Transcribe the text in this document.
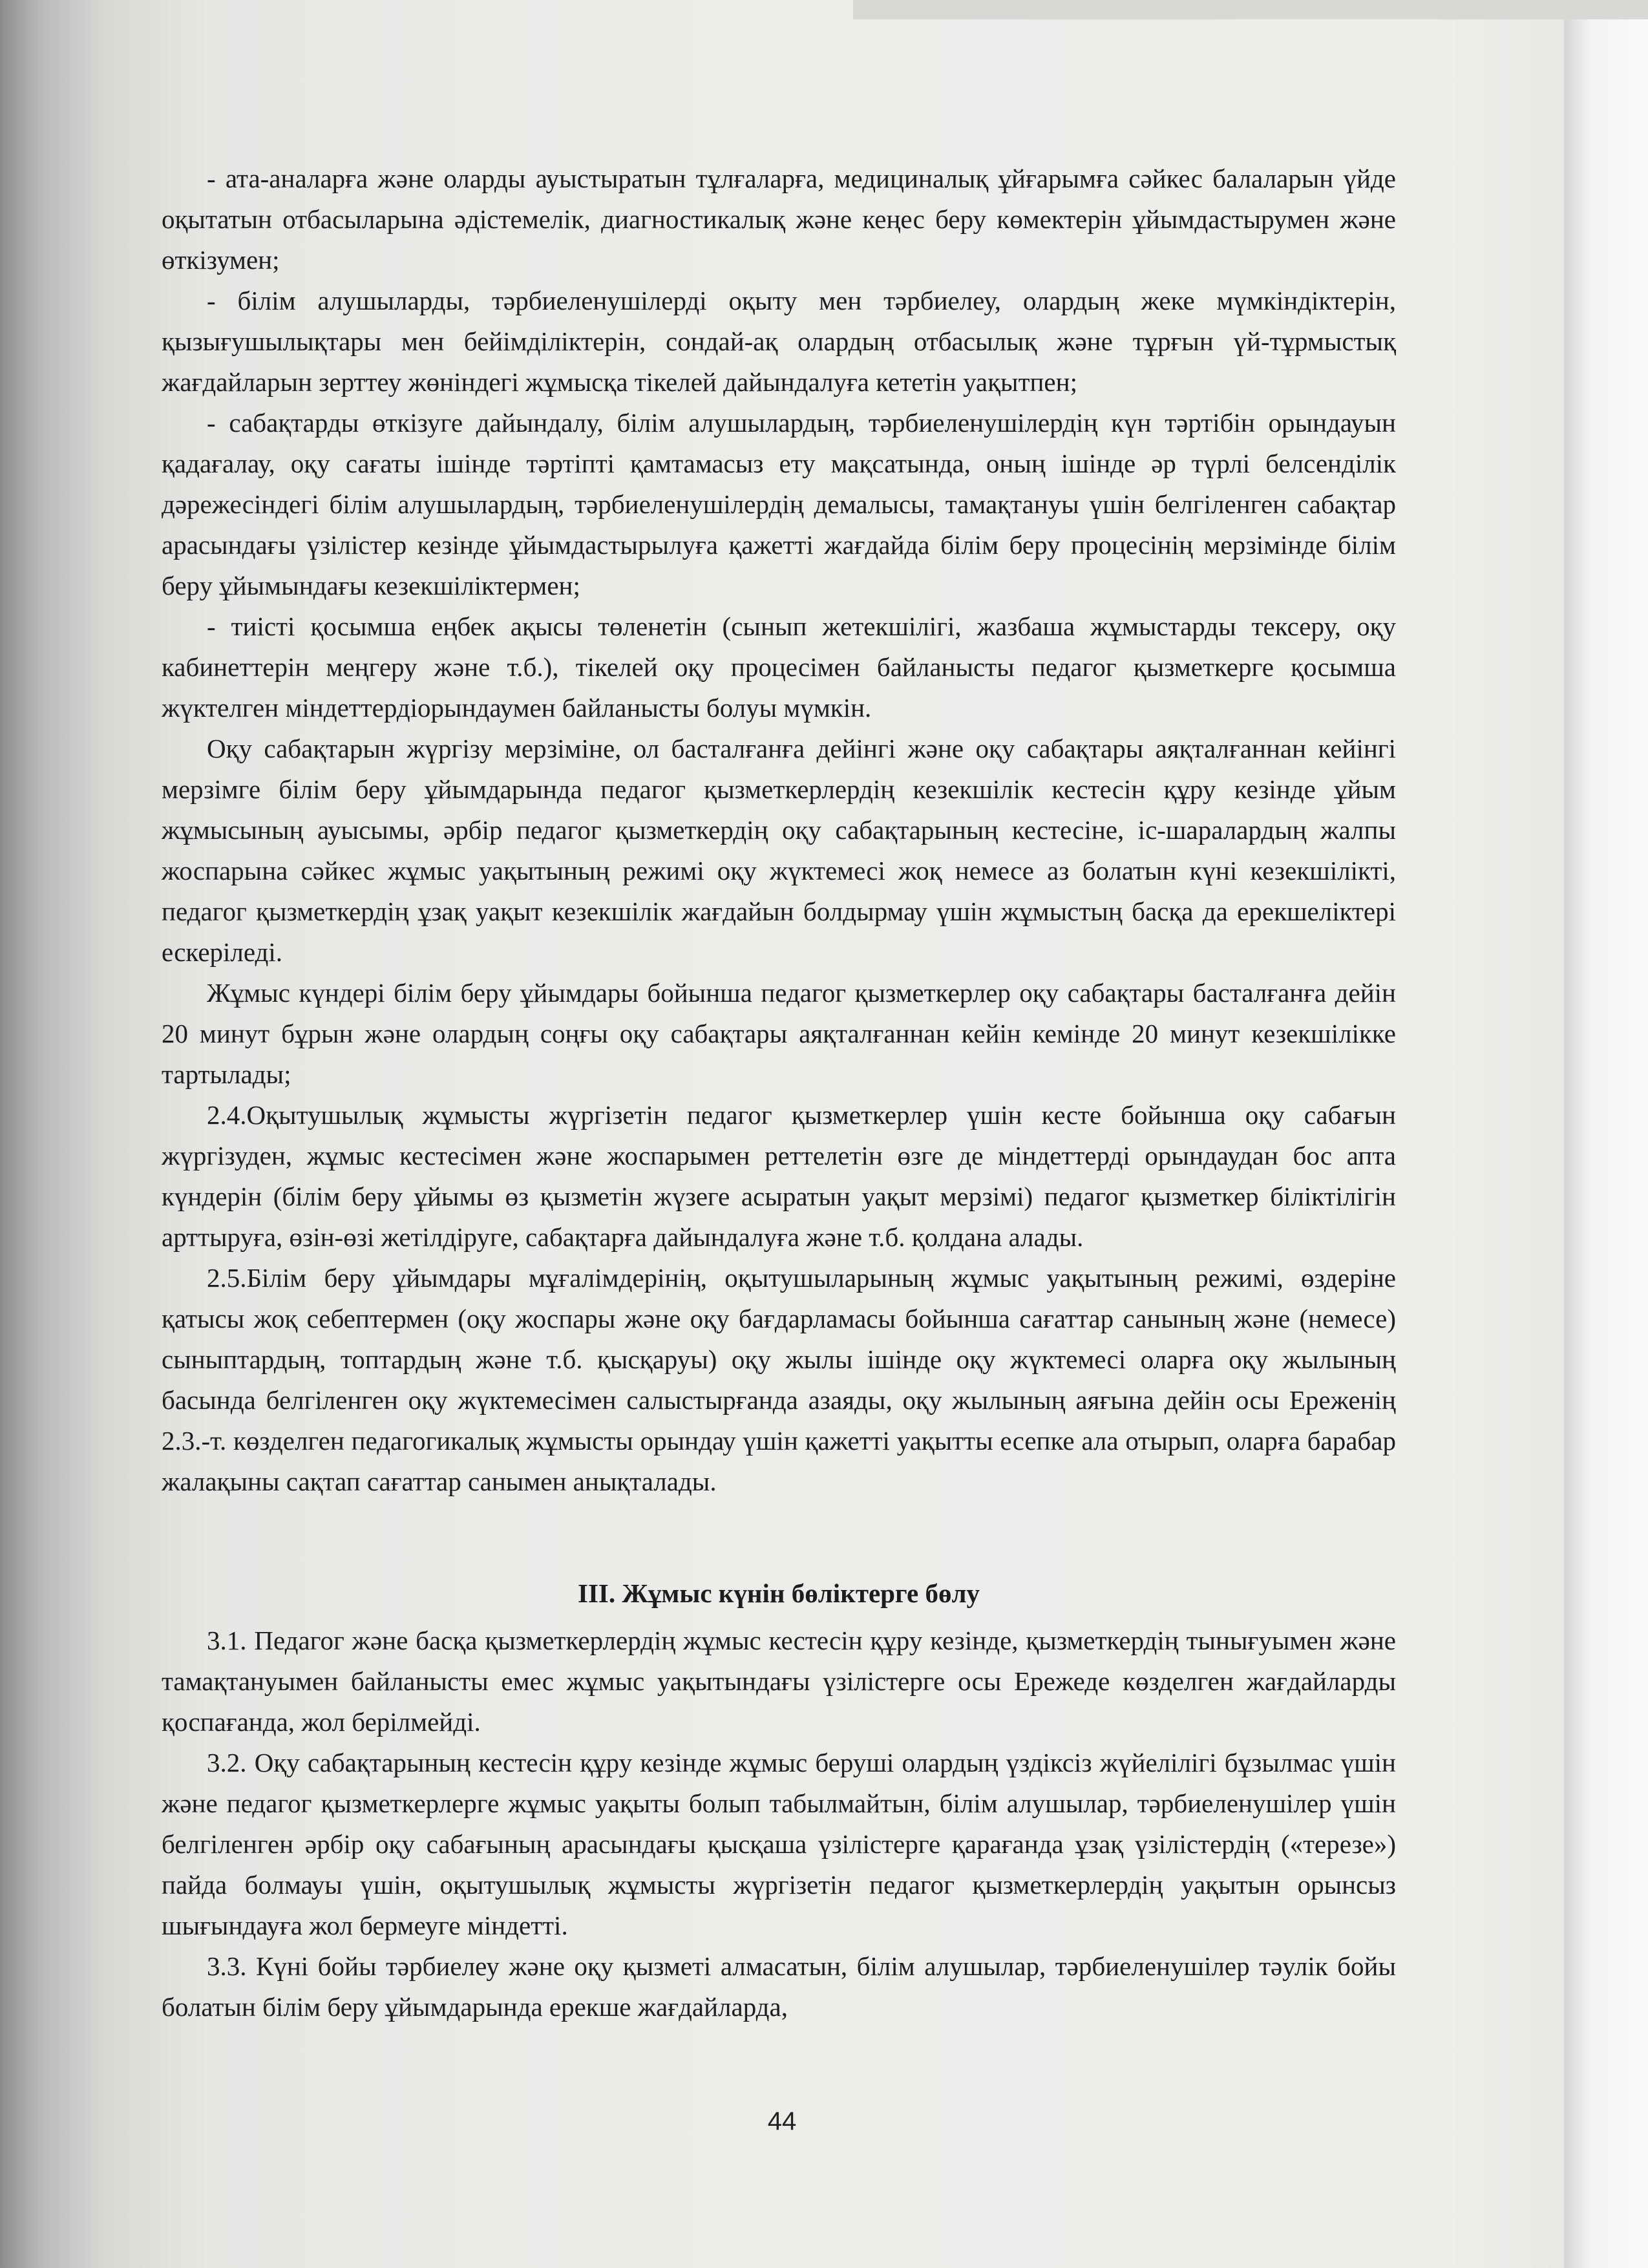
- ата-аналарға және оларды ауыстыратын тұлғаларға, медициналық ұйғарымға сәйкес балаларын үйде оқытатын отбасыларына әдістемелік, диагностикалық және кеңес беру көмектерін ұйымдастырумен және өткізумен;

- білім алушыларды, тәрбиеленушілерді оқыту мен тәрбиелеу, олардың жеке мүмкіндіктерін, қызығушылықтары мен бейімділіктерін, сондай-ақ олардың отбасылық және тұрғын үй-тұрмыстық жағдайларын зерттеу жөніндегі жұмысқа тікелей дайындалуға кететін уақытпен;

- сабақтарды өткізуге дайындалу, білім алушылардың, тәрбиеленушілердің күн тәртібін орындауын қадағалау, оқу сағаты ішінде тәртіпті қамтамасыз ету мақсатында, оның ішінде әр түрлі белсенділік дәрежесіндегі білім алушылардың, тәрбиеленушілердің демалысы, тамақтануы үшін белгіленген сабақтар арасындағы үзілістер кезінде ұйымдастырылуға қажетті жағдайда білім беру процесінің мерзімінде білім беру ұйымындағы кезекшіліктермен;

- тиісті қосымша еңбек ақысы төленетін (сынып жетекшілігі, жазбаша жұмыстарды тексеру, оқу кабинеттерін меңгеру және т.б.), тікелей оқу процесімен байланысты педагог қызметкерге қосымша жүктелген міндеттердіорындаумен байланысты болуы мүмкін.

Оқу сабақтарын жүргізу мерзіміне, ол басталғанға дейінгі және оқу сабақтары аяқталғаннан кейінгі мерзімге білім беру ұйымдарында педагог қызметкерлердің кезекшілік кестесін құру кезінде ұйым жұмысының ауысымы, әрбір педагог қызметкердің оқу сабақтарының кестесіне, іс-шаралардың жалпы жоспарына сәйкес жұмыс уақытының режимі оқу жүктемесі жоқ немесе аз болатын күні кезекшілікті, педагог қызметкердің ұзақ уақыт кезекшілік жағдайын болдырмау үшін жұмыстың басқа да ерекшеліктері ескеріледі.

Жұмыс күндері білім беру ұйымдары бойынша педагог қызметкерлер оқу сабақтары басталғанға дейін 20 минут бұрын және олардың соңғы оқу сабақтары аяқталғаннан кейін кемінде 20 минут кезекшілікке тартылады;

2.4.Оқытушылық жұмысты жүргізетін педагог қызметкерлер үшін кесте бойынша оқу сабағын жүргізуден, жұмыс кестесімен және жоспарымен реттелетін өзге де міндеттерді орындаудан бос апта күндерін (білім беру ұйымы өз қызметін жүзеге асыратын уақыт мерзімі) педагог қызметкер біліктілігін арттыруға, өзін-өзі жетілдіруге, сабақтарға дайындалуға және т.б. қолдана алады.

2.5.Білім беру ұйымдары мұғалімдерінің, оқытушыларының жұмыс уақытының режимі, өздеріне қатысы жоқ себептермен (оқу жоспары және оқу бағдарламасы бойынша сағаттар санының және (немесе) сыныптардың, топтардың және т.б. қысқаруы) оқу жылы ішінде оқу жүктемесі оларға оқу жылының басында белгіленген оқу жүктемесімен салыстырғанда азаяды, оқу жылының аяғына дейін осы Ереженің 2.3.-т. көзделген педагогикалық жұмысты орындау үшін қажетті уақытты есепке ала отырып, оларға барабар жалақыны сақтап сағаттар санымен анықталады.

ІІІ. Жұмыс күнін бөліктерге бөлу

3.1. Педагог және басқа қызметкерлердің жұмыс кестесін құру кезінде, қызметкердің тынығуымен және тамақтануымен байланысты емес жұмыс уақытындағы үзілістерге осы Ережеде көзделген жағдайларды қоспағанда, жол берілмейді.

3.2. Оқу сабақтарының кестесін құру кезінде жұмыс беруші олардың үздіксіз жүйелілігі бұзылмас үшін және педагог қызметкерлерге жұмыс уақыты болып табылмайтын, білім алушылар, тәрбиеленушілер үшін белгіленген әрбір оқу сабағының арасындағы қысқаша үзілістерге қарағанда ұзақ үзілістердің («терезе») пайда болмауы үшін, оқытушылық жұмысты жүргізетін педагог қызметкерлердің уақытын орынсыз шығындауға жол бермеуге міндетті.

3.3. Күні бойы тәрбиелеу және оқу қызметі алмасатын, білім алушылар, тәрбиеленушілер тәулік бойы болатын білім беру ұйымдарында ерекше жағдайларда,

44
